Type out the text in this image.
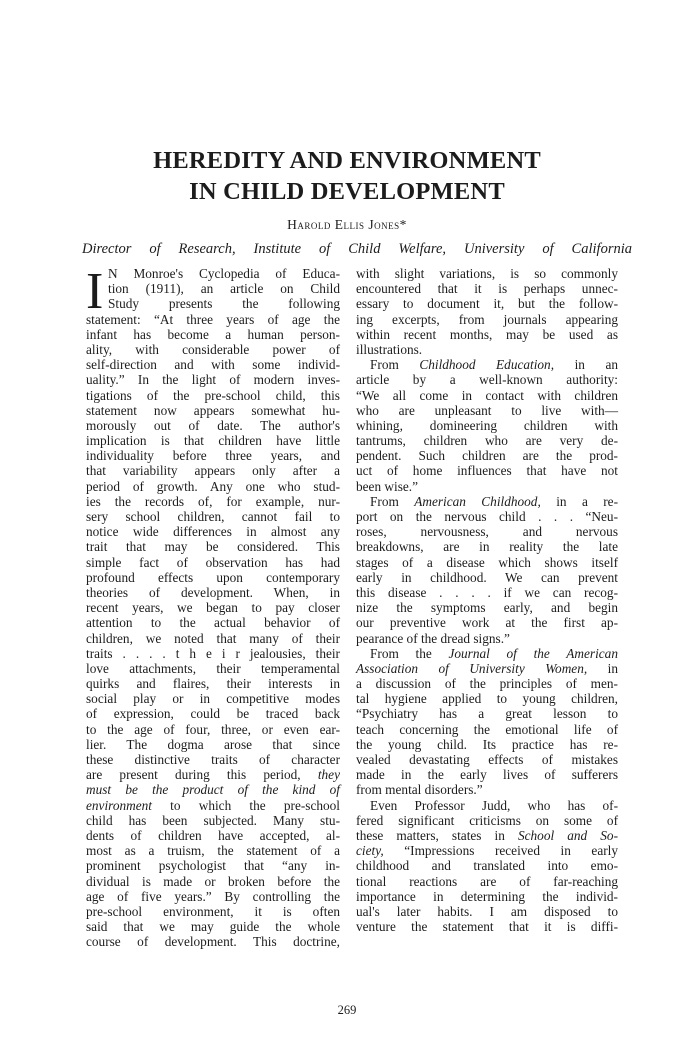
HEREDITY AND ENVIRONMENT
IN CHILD DEVELOPMENT

Harold Ellis Jones*

Director of Research, Institute of Child Welfare, University of California

I N Monroe's Cyclopedia of Educa-
tion (1911), an article on Child
Study presents the following
statement: “At three years of age the
infant has become a human person-
ality, with considerable power of
self-direction and with some individ-
uality.” In the light of modern inves-
tigations of the pre-school child, this
statement now appears somewhat hu-
morously out of date. The author's
implication is that children have little
individuality before three years, and
that variability appears only after a
period of growth. Any one who stud-
ies the records of, for example, nur-
sery school children, cannot fail to
notice wide differences in almost any
trait that may be considered. This
simple fact of observation has had
profound effects upon contemporary
theories of development. When, in
recent years, we began to pay closer
attention to the actual behavior of
children, we noted that many of their
traits . . . . t h e i r jealousies, their
love attachments, their temperamental
quirks and flaires, their interests in
social play or in competitive modes
of expression, could be traced back
to the age of four, three, or even ear-
lier. The dogma arose that since
these distinctive traits of character
are present during this period, they
must be the product of the kind of
environment to which the pre-school
child has been subjected. Many stu-
dents of children have accepted, al-
most as a truism, the statement of a
prominent psychologist that “any in-
dividual is made or broken before the
age of five years.” By controlling the
pre-school environment, it is often
said that we may guide the whole
course of development. This doctrine,
with slight variations, is so commonly
encountered that it is perhaps unnec-
essary to document it, but the follow-
ing excerpts, from journals appearing
within recent months, may be used as
illustrations.
From Childhood Education, in an
article by a well-known authority:
“We all come in contact with children
who are unpleasant to live with—
whining, domineering children with
tantrums, children who are very de-
pendent. Such children are the prod-
uct of home influences that have not
been wise.”
From American Childhood, in a re-
port on the nervous child . . . “Neu-
roses, nervousness, and nervous
breakdowns, are in reality the late
stages of a disease which shows itself
early in childhood. We can prevent
this disease . . . . if we can recog-
nize the symptoms early, and begin
our preventive work at the first ap-
pearance of the dread signs.”
From the Journal of the American
Association of University Women, in
a discussion of the principles of men-
tal hygiene applied to young children,
“Psychiatry has a great lesson to
teach concerning the emotional life of
the young child. Its practice has re-
vealed devastating effects of mistakes
made in the early lives of sufferers
from mental disorders.”
Even Professor Judd, who has of-
fered significant criticisms on some of
these matters, states in School and So-
ciety, “Impressions received in early
childhood and translated into emo-
tional reactions are of far-reaching
importance in determining the individ-
ual's later habits. I am disposed to
venture the statement that it is diffi-

269
